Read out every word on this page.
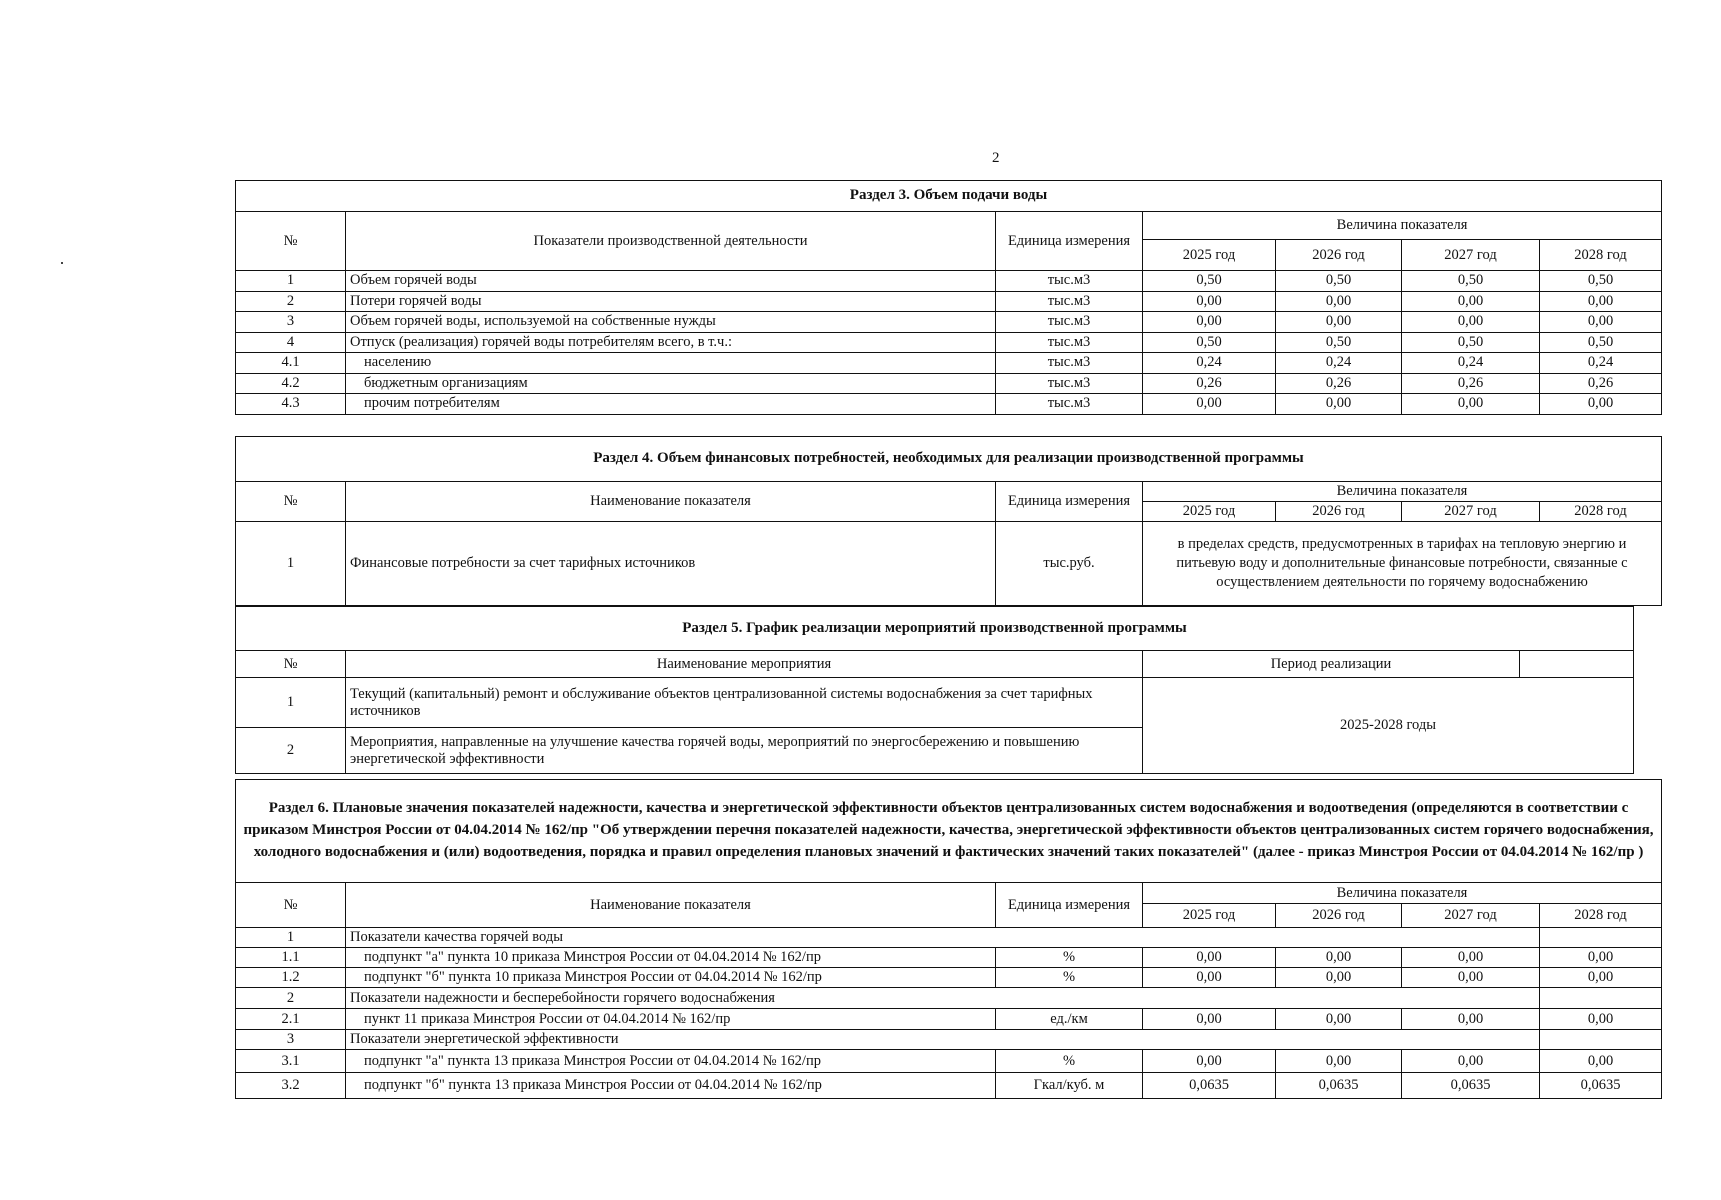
2
Раздел 3. Объем подачи воды						
№	Показатели производственной деятельности	Единица измерения	Величина показателя			
			2025 год	2026 год	2027 год	2028 год
1	Объем горячей воды	тыс.м3	0,50	0,50	0,50	0,50
2	Потери горячей воды	тыс.м3	0,00	0,00	0,00	0,00
3	Объем горячей воды, используемой на собственные нужды	тыс.м3	0,00	0,00	0,00	0,00
4	Отпуск (реализация) горячей воды потребителям всего, в т.ч.:	тыс.м3	0,50	0,50	0,50	0,50
4.1	населению	тыс.м3	0,24	0,24	0,24	0,24
4.2	бюджетным организациям	тыс.м3	0,26	0,26	0,26	0,26
4.3	прочим потребителям	тыс.м3	0,00	0,00	0,00	0,00
Раздел 4. Объем финансовых потребностей, необходимых для реализации производственной программы						
№	Наименование показателя	Единица измерения	Величина показателя			
			2025 год	2026 год	2027 год	2028 год
1	Финансовые потребности за счет тарифных источников	тыс.руб.	в пределах средств, предусмотренных в тарифах на тепловую энергию и питьевую воду и дополнительные финансовые потребности, связанные с осуществлением деятельности по горячему водоснабжению			
Раздел 5. График реализации мероприятий производственной программы			
№	Наименование мероприятия	Период реализации	
1	Текущий (капитальный) ремонт и обслуживание объектов централизованной системы водоснабжения за счет тарифных источников	2025-2028 годы	
2	Мероприятия, направленные на улучшение качества горячей воды, мероприятий по энергосбережению и повышению энергетической эффективности		
Раздел 6. Плановые значения показателей надежности, качества и энергетической эффективности объектов централизованных систем водоснабжения и водоотведения (определяются в соответствии с приказом Минстроя России от 04.04.2014 № 162/пр "Об утверждении перечня показателей надежности, качества, энергетической эффективности объектов централизованных систем горячего водоснабжения, холодного водоснабжения и (или) водоотведения, порядка и правил определения плановых значений и фактических значений таких показателей" (далее - приказ Минстроя России от 04.04.2014 № 162/пр )						
№	Наименование показателя	Единица измерения	Величина показателя			
			2025 год	2026 год	2027 год	2028 год
1	Показатели качества горячей воды					
1.1	подпункт "а" пункта 10 приказа Минстроя России от 04.04.2014 № 162/пр	%	0,00	0,00	0,00	0,00
1.2	подпункт "б" пункта 10 приказа Минстроя России от 04.04.2014 № 162/пр	%	0,00	0,00	0,00	0,00
2	Показатели надежности и бесперебойности горячего водоснабжения					
2.1	пункт 11 приказа Минстроя России от 04.04.2014 № 162/пр	ед./км	0,00	0,00	0,00	0,00
3	Показатели энергетической эффективности					
3.1	подпункт "а" пункта 13 приказа Минстроя России от 04.04.2014 № 162/пр	%	0,00	0,00	0,00	0,00
3.2	подпункт "б" пункта 13 приказа Минстроя России от 04.04.2014 № 162/пр	Гкал/куб. м	0,0635	0,0635	0,0635	0,0635
